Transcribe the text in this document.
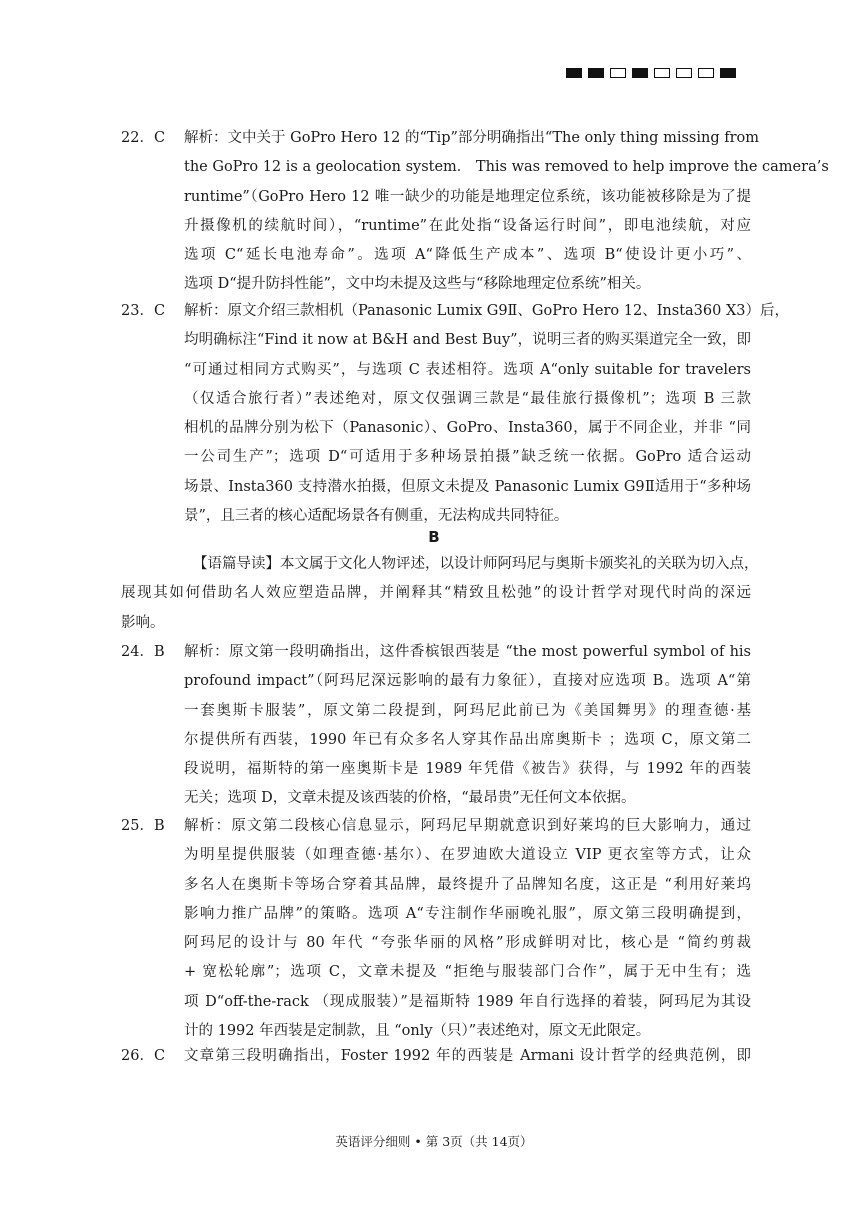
22．C 解析：文中关于 GoPro Hero 12 的“Tip”部分明确指出“The only thing missing from
the GoPro 12 is a geolocation system． This was removed to help improve the camera’s
runtime”（GoPro Hero 12 唯一缺少的功能是地理定位系统，该功能被移除是为了提
升摄像机的续航时间），“runtime”在此处指“设备运行时间”，即电池续航，对应
选项 C“延长电池寿命”。选项 A“降低生产成本”、选项 B“使设计更小巧”、
选项 D“提升防抖性能”，文中均未提及这些与“移除地理定位系统”相关。
23．C 解析：原文介绍三款相机（Panasonic Lumix G9Ⅱ、GoPro Hero 12、Insta360 X3）后，
均明确标注“Find it now at B&H and Best Buy”，说明三者的购买渠道完全一致，即
“可通过相同方式购买”，与选项 C 表述相符。选项 A“only suitable for travelers
（仅适合旅行者）”表述绝对，原文仅强调三款是“最佳旅行摄像机”；选项 B 三款
相机的品牌分别为松下（Panasonic）、GoPro、Insta360，属于不同企业，并非 “同
一公司生产”；选项 D“可适用于多种场景拍摄”缺乏统一依据。GoPro 适合运动
场景、Insta360 支持潜水拍摄，但原文未提及 Panasonic Lumix G9Ⅱ适用于“多种场
景”，且三者的核心适配场景各有侧重，无法构成共同特征。
B
【语篇导读】本文属于文化人物评述，以设计师阿玛尼与奥斯卡颁奖礼的关联为切入点，
展现其如何借助名人效应塑造品牌，并阐释其“精致且松弛”的设计哲学对现代时尚的深远
影响。
24．B 解析：原文第一段明确指出，这件香槟银西装是 “the most powerful symbol of his
profound impact”（阿玛尼深远影响的最有力象征），直接对应选项 B。选项 A“第
一套奥斯卡服装”，原文第二段提到，阿玛尼此前已为《美国舞男》的理查德·基
尔提供所有西装，1990 年已有众多名人穿其作品出席奥斯卡 ；选项 C，原文第二
段说明，福斯特的第一座奥斯卡是 1989 年凭借《被告》获得，与 1992 年的西装
无关；选项 D，文章未提及该西装的价格，“最昂贵”无任何文本依据。
25．B 解析：原文第二段核心信息显示，阿玛尼早期就意识到好莱坞的巨大影响力，通过
为明星提供服装（如理查德·基尔）、在罗迪欧大道设立 VIP 更衣室等方式，让众
多名人在奥斯卡等场合穿着其品牌，最终提升了品牌知名度，这正是 “利用好莱坞
影响力推广品牌”的策略。选项 A“专注制作华丽晚礼服”，原文第三段明确提到，
阿玛尼的设计与 80 年代 “夸张华丽的风格”形成鲜明对比，核心是 “简约剪裁
+ 宽松轮廓”；选项 C，文章未提及 “拒绝与服装部门合作”，属于无中生有；选
项 D“off-the-rack （现成服装）”是福斯特 1989 年自行选择的着装，阿玛尼为其设
计的 1992 年西装是定制款，且 “only（只）”表述绝对，原文无此限定。
26．C 文章第三段明确指出，Foster 1992 年的西装是 Armani 设计哲学的经典范例，即
英语评分细则 • 第 3页（共 14页）
